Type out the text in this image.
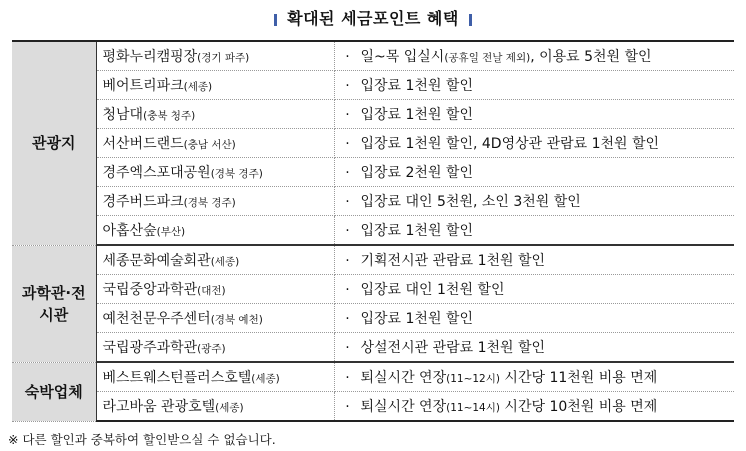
확대된 세금포인트 혜택
관광지	평화누리캠핑장(경기 파주)	· 일~목 입실시(공휴일 전날 제외), 이용료 5천원 할인
	베어트리파크(세종)	· 입장료 1천원 할인
	청남대(충북 청주)	· 입장료 1천원 할인
	서산버드랜드(충남 서산)	· 입장료 1천원 할인, 4D영상관 관람료 1천원 할인
	경주엑스포대공원(경북 경주)	· 입장료 2천원 할인
	경주버드파크(경북 경주)	· 입장료 대인 5천원, 소인 3천원 할인
	아홉산숲(부산)	· 입장료 1천원 할인
과학관·전시관	세종문화예술회관(세종)	· 기획전시관 관람료 1천원 할인
	국립중앙과학관(대전)	· 입장료 대인 1천원 할인
	예천천문우주센터(경북 예천)	· 입장료 1천원 할인
	국립광주과학관(광주)	· 상설전시관 관람료 1천원 할인
숙박업체	베스트웨스턴플러스호텔(세종)	· 퇴실시간 연장(11~12시) 시간당 11천원 비용 면제
	라고바움 관광호텔(세종)	· 퇴실시간 연장(11~14시) 시간당 10천원 비용 면제
※ 다른 할인과 중복하여 할인받으실 수 없습니다.
